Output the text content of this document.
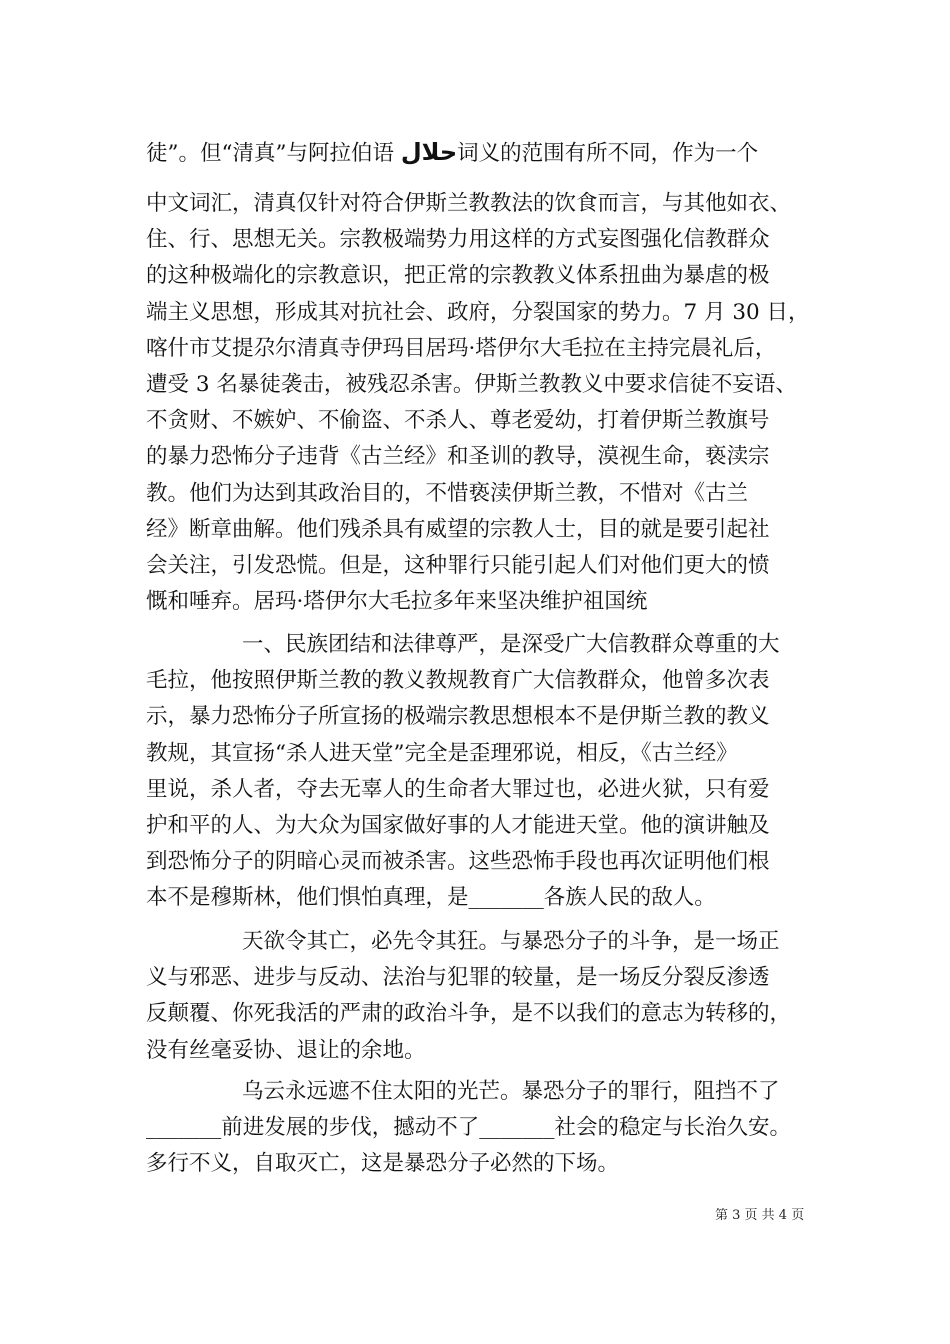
徒”。但“清真”与阿拉伯语 حلال词义的范围有所不同，作为一个
中文词汇，清真仅针对符合伊斯兰教教法的饮食而言，与其他如衣、
住、行、思想无关。宗教极端势力用这样的方式妄图强化信教群众
的这种极端化的宗教意识，把正常的宗教教义体系扭曲为暴虐的极
端主义思想，形成其对抗社会、政府，分裂国家的势力。7 月 30 日，
喀什市艾提尕尔清真寺伊玛目居玛·塔伊尔大毛拉在主持完晨礼后，
遭受 3 名暴徒袭击，被残忍杀害。伊斯兰教教义中要求信徒不妄语、
不贪财、不嫉妒、不偷盗、不杀人、尊老爱幼，打着伊斯兰教旗号
的暴力恐怖分子违背《古兰经》和圣训的教导，漠视生命，亵渎宗
教。他们为达到其政治目的，不惜亵渎伊斯兰教，不惜对《古兰
经》断章曲解。他们残杀具有威望的宗教人士，目的就是要引起社
会关注，引发恐慌。但是，这种罪行只能引起人们对他们更大的愤
慨和唾弃。居玛·塔伊尔大毛拉多年来坚决维护祖国统
一、民族团结和法律尊严，是深受广大信教群众尊重的大
毛拉，他按照伊斯兰教的教义教规教育广大信教群众，他曾多次表
示，暴力恐怖分子所宣扬的极端宗教思想根本不是伊斯兰教的教义
教规，其宣扬“杀人进天堂”完全是歪理邪说，相反，《古兰经》
里说，杀人者，夺去无辜人的生命者大罪过也，必进火狱，只有爱
护和平的人、为大众为国家做好事的人才能进天堂。他的演讲触及
到恐怖分子的阴暗心灵而被杀害。这些恐怖手段也再次证明他们根
本不是穆斯林，他们惧怕真理，是_______各族人民的敌人。
天欲令其亡，必先令其狂。与暴恐分子的斗争，是一场正
义与邪恶、进步与反动、法治与犯罪的较量，是一场反分裂反渗透
反颠覆、你死我活的严肃的政治斗争，是不以我们的意志为转移的，
没有丝毫妥协、退让的余地。
乌云永远遮不住太阳的光芒。暴恐分子的罪行，阻挡不了
_______前进发展的步伐，撼动不了_______社会的稳定与长治久安。
多行不义，自取灭亡，这是暴恐分子必然的下场。
第 3 页 共 4 页
